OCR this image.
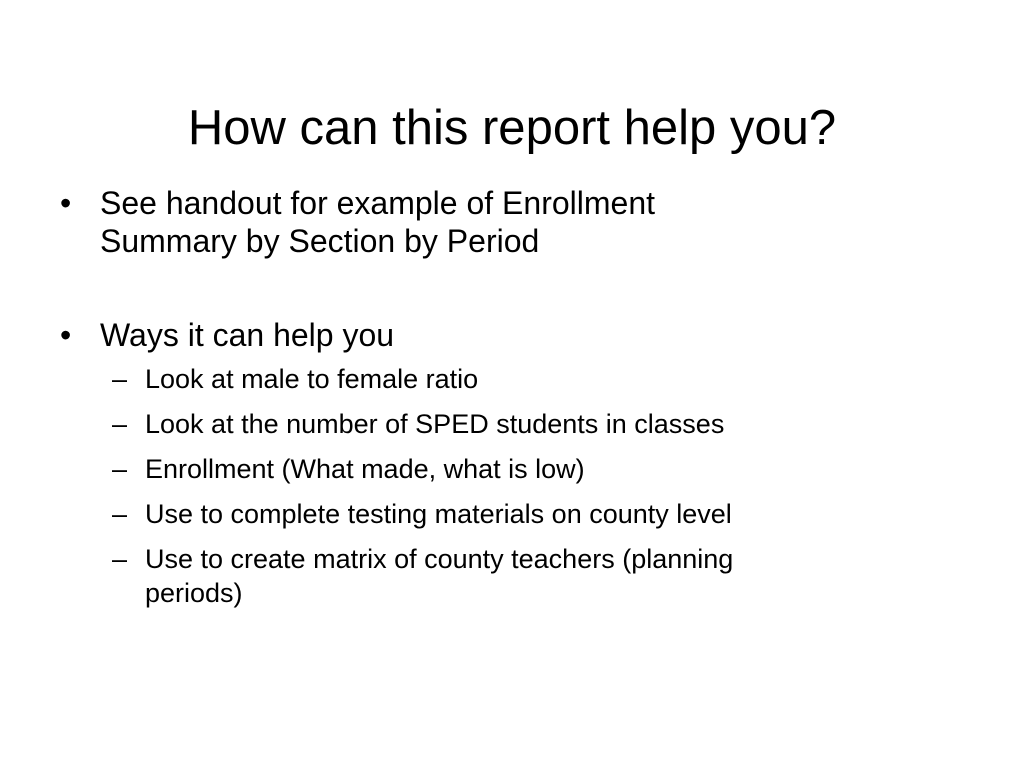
How can this report help you?
• See handout for example of Enrollment
Summary by Section by Period
• Ways it can help you
– Look at male to female ratio
– Look at the number of SPED students in classes
– Enrollment (What made, what is low)
– Use to complete testing materials on county level
– Use to create matrix of county teachers (planning
periods)
